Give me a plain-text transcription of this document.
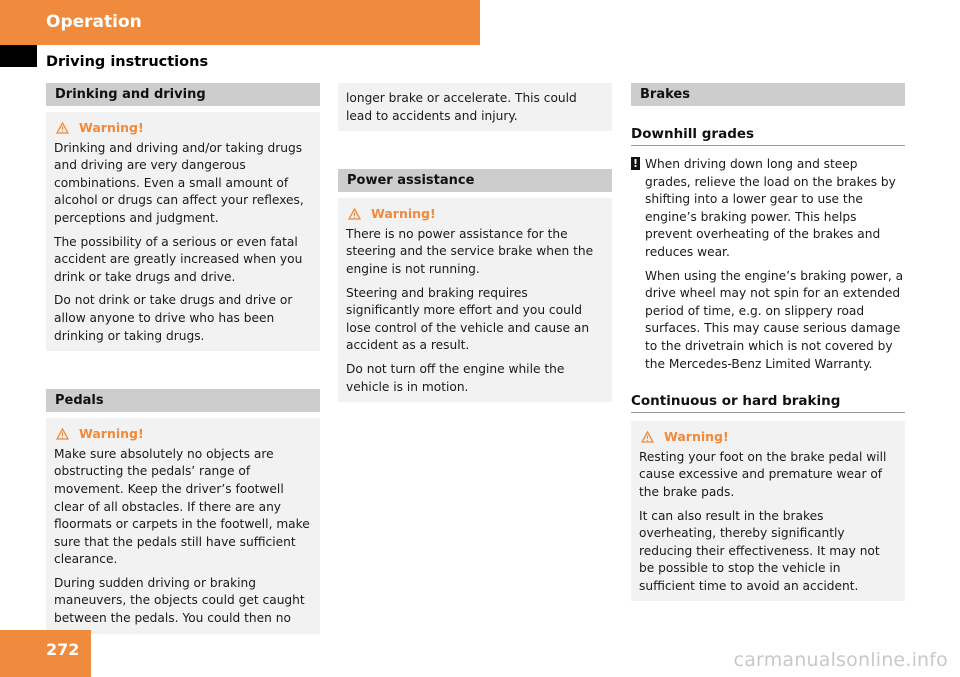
Operation
Driving instructions
Drinking and driving
Warning!

Drinking and driving and/or taking drugs and driving are very dangerous combinations. Even a small amount of alcohol or drugs can affect your reflexes, perceptions and judgment.

The possibility of a serious or even fatal accident are greatly increased when you drink or take drugs and drive.

Do not drink or take drugs and drive or allow anyone to drive who has been drinking or taking drugs.

Pedals
Warning!

Make sure absolutely no objects are obstructing the pedals’ range of movement. Keep the driver’s footwell clear of all obstacles. If there are any floormats or carpets in the footwell, make sure that the pedals still have sufficient clearance.

During sudden driving or braking maneuvers, the objects could get caught between the pedals. You could then no

longer brake or accelerate. This could lead to accidents and injury.

Power assistance
Warning!

There is no power assistance for the steering and the service brake when the engine is not running.

Steering and braking requires significantly more effort and you could lose control of the vehicle and cause an accident as a result.

Do not turn off the engine while the vehicle is in motion.

Brakes
Downhill grades
! When driving down long and steep grades, relieve the load on the brakes by shifting into a lower gear to use the engine’s braking power. This helps prevent overheating of the brakes and reduces wear.

When using the engine’s braking power, a drive wheel may not spin for an extended period of time, e.g. on slippery road surfaces. This may cause serious damage to the drivetrain which is not covered by the Mercedes-Benz Limited Warranty.

Continuous or hard braking
Warning!

Resting your foot on the brake pedal will cause excessive and premature wear of the brake pads.

It can also result in the brakes overheating, thereby significantly reducing their effectiveness. It may not be possible to stop the vehicle in sufficient time to avoid an accident.

272	carmanualsonline.info
